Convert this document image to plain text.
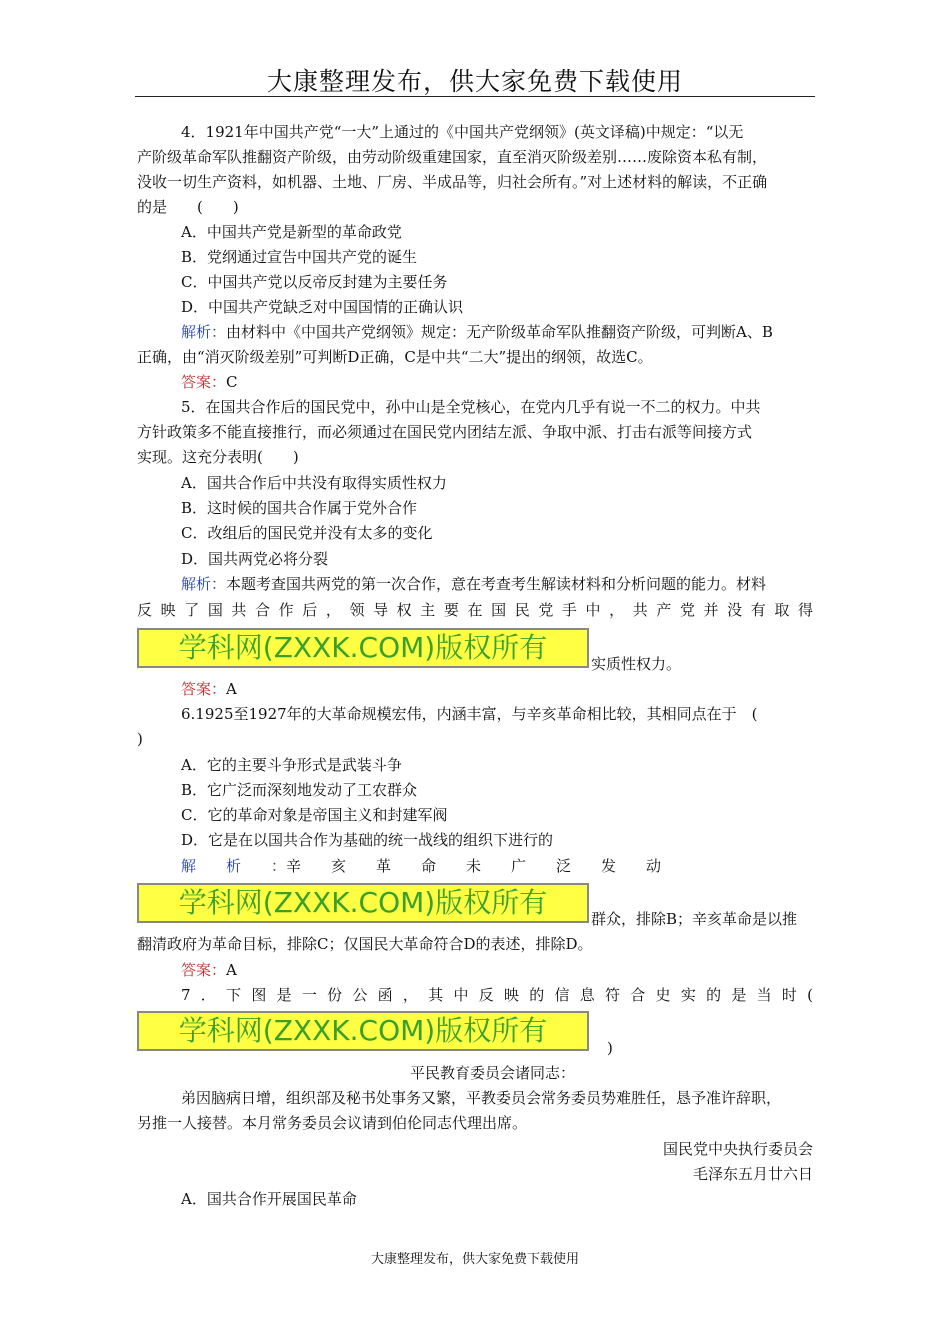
大康整理发布，供大家免费下载使用
4．1921年中国共产党“一大”上通过的《中国共产党纲领》(英文译稿)中规定：“以无
产阶级革命军队推翻资产阶级，由劳动阶级重建国家，直至消灭阶级差别……废除资本私有制，
没收一切生产资料，如机器、土地、厂房、半成品等，归社会所有。”对上述材料的解读，不正确
的是　　(　　)
A．中国共产党是新型的革命政党
B．党纲通过宣告中国共产党的诞生
C．中国共产党以反帝反封建为主要任务
D．中国共产党缺乏对中国国情的正确认识
解析：由材料中《中国共产党纲领》规定：无产阶级革命军队推翻资产阶级，可判断A、B
正确，由“消灭阶级差别”可判断D正确，C是中共“二大”提出的纲领，故选C。
答案：C
5．在国共合作后的国民党中，孙中山是全党核心，在党内几乎有说一不二的权力。中共
方针政策多不能直接推行，而必须通过在国民党内团结左派、争取中派、打击右派等间接方式
实现。这充分表明(　　)
A．国共合作后中共没有取得实质性权力
B．这时候的国共合作属于党外合作
C．改组后的国民党并没有太多的变化
D．国共两党必将分裂
解析：本题考查国共两党的第一次合作，意在考查考生解读材料和分析问题的能力。材料
反映了国共合作后，领导权主要在国民党手中，共产党并没有取得
学科网(ZXXK.COM)版权所有	实质性权力。
答案：A
6.1925至1927年的大革命规模宏伟，内涵丰富，与辛亥革命相比较，其相同点在于　(
)
A．它的主要斗争形式是武装斗争
B．它广泛而深刻地发动了工农群众
C．它的革命对象是帝国主义和封建军阀
D．它是在以国共合作为基础的统一战线的组织下进行的
解　　析　　：辛　　亥　　革　　命　　未　　广　　泛　　发　　动
学科网(ZXXK.COM)版权所有	群众，排除B；辛亥革命是以推
翻清政府为革命目标，排除C；仅国民大革命符合D的表述，排除D。
答案：A
7．下图是一份公函，其中反映的信息符合史实的是当时(
学科网(ZXXK.COM)版权所有
)
平民教育委员会诸同志：
弟因脑病日增，组织部及秘书处事务又繁，平教委员会常务委员势难胜任，恳予准许辞职，
另推一人接替。本月常务委员会议请到伯伦同志代理出席。
国民党中央执行委员会
毛泽东五月廿六日
A．国共合作开展国民革命
大康整理发布，供大家免费下载使用
